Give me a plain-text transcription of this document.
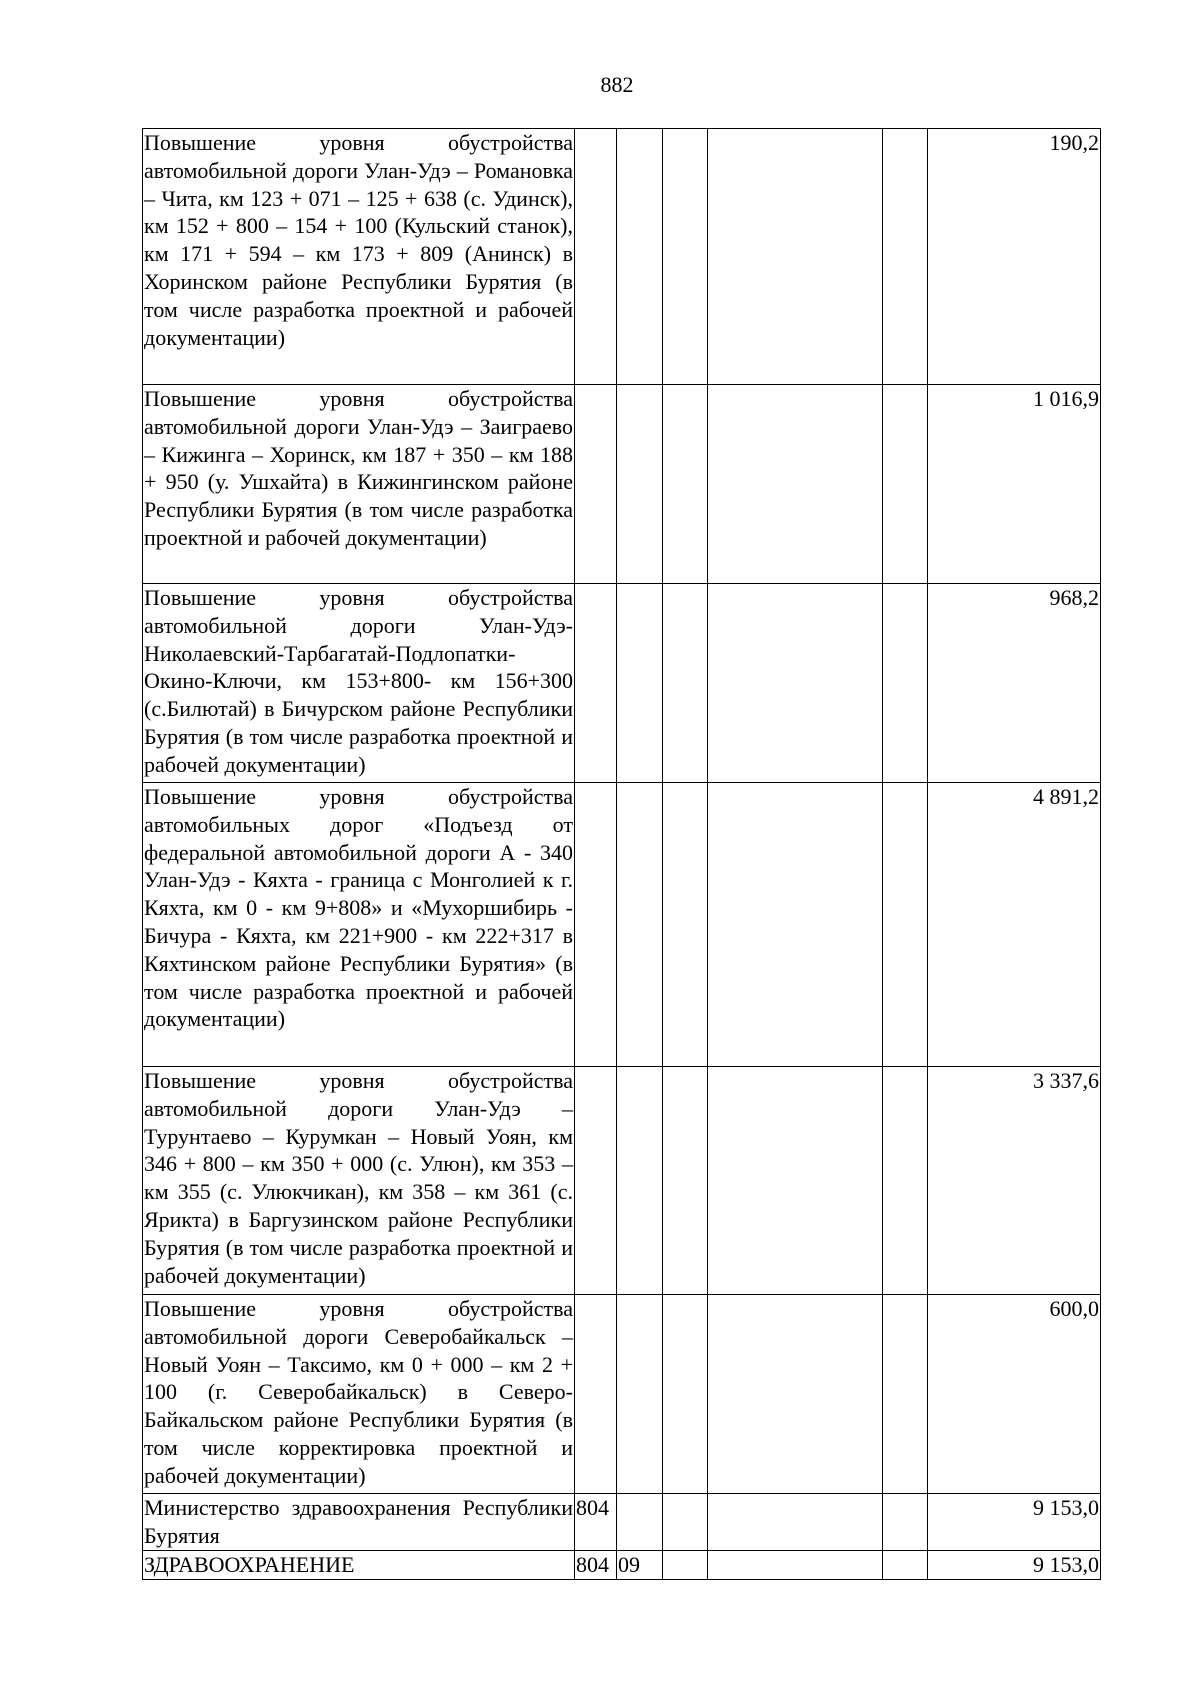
882
Повышение уровня обустройства автомобильной дороги Улан-Удэ – Романовка – Чита, км 123 + 071 – 125 + 638 (с. Удинск), км 152 + 800 – 154 + 100 (Кульский станок), км 171 + 594 – км 173 + 809 (Анинск) в Хоринском районе Республики Бурятия (в том числе разработка проектной и рабочей документации)						190,2
Повышение уровня обустройства автомобильной дороги Улан-Удэ – Заиграево – Кижинга – Хоринск, км 187 + 350 – км 188 + 950 (у. Ушхайта) в Кижингинском районе Республики Бурятия (в том числе разработка проектной и рабочей документации)						1 016,9
Повышение уровня обустройства автомобильной дороги Улан-Удэ-Николаевский-Тарбагатай-Подлопатки-Окино-Ключи, км 153+800- км 156+300 (с.Билютай) в Бичурском районе Республики Бурятия (в том числе разработка проектной и рабочей документации)						968,2
Повышение уровня обустройства автомобильных дорог «Подъезд от федеральной автомобильной дороги А - 340 Улан-Удэ - Кяхта - граница с Монголией к г. Кяхта, км 0 - км 9+808» и «Мухоршибирь - Бичура - Кяхта, км 221+900 - км 222+317 в Кяхтинском районе Республики Бурятия» (в том числе разработка проектной и рабочей документации)						4 891,2
Повышение уровня обустройства автомобильной дороги Улан-Удэ – Турунтаево – Курумкан – Новый Уоян, км 346 + 800 – км 350 + 000 (с. Улюн), км 353 – км 355 (с. Улюкчикан), км 358 – км 361 (с. Ярикта) в Баргузинском районе Республики Бурятия (в том числе разработка проектной и рабочей документации)						3 337,6
Повышение уровня обустройства автомобильной дороги Северобайкальск – Новый Уоян – Таксимо, км 0 + 000 – км 2 + 100 (г. Северобайкальск) в Северо-Байкальском районе Республики Бурятия (в том числе корректировка проектной и рабочей документации)						600,0
Министерство здравоохранения Республики Бурятия	804					9 153,0
ЗДРАВООХРАНЕНИЕ	804	09				9 153,0
